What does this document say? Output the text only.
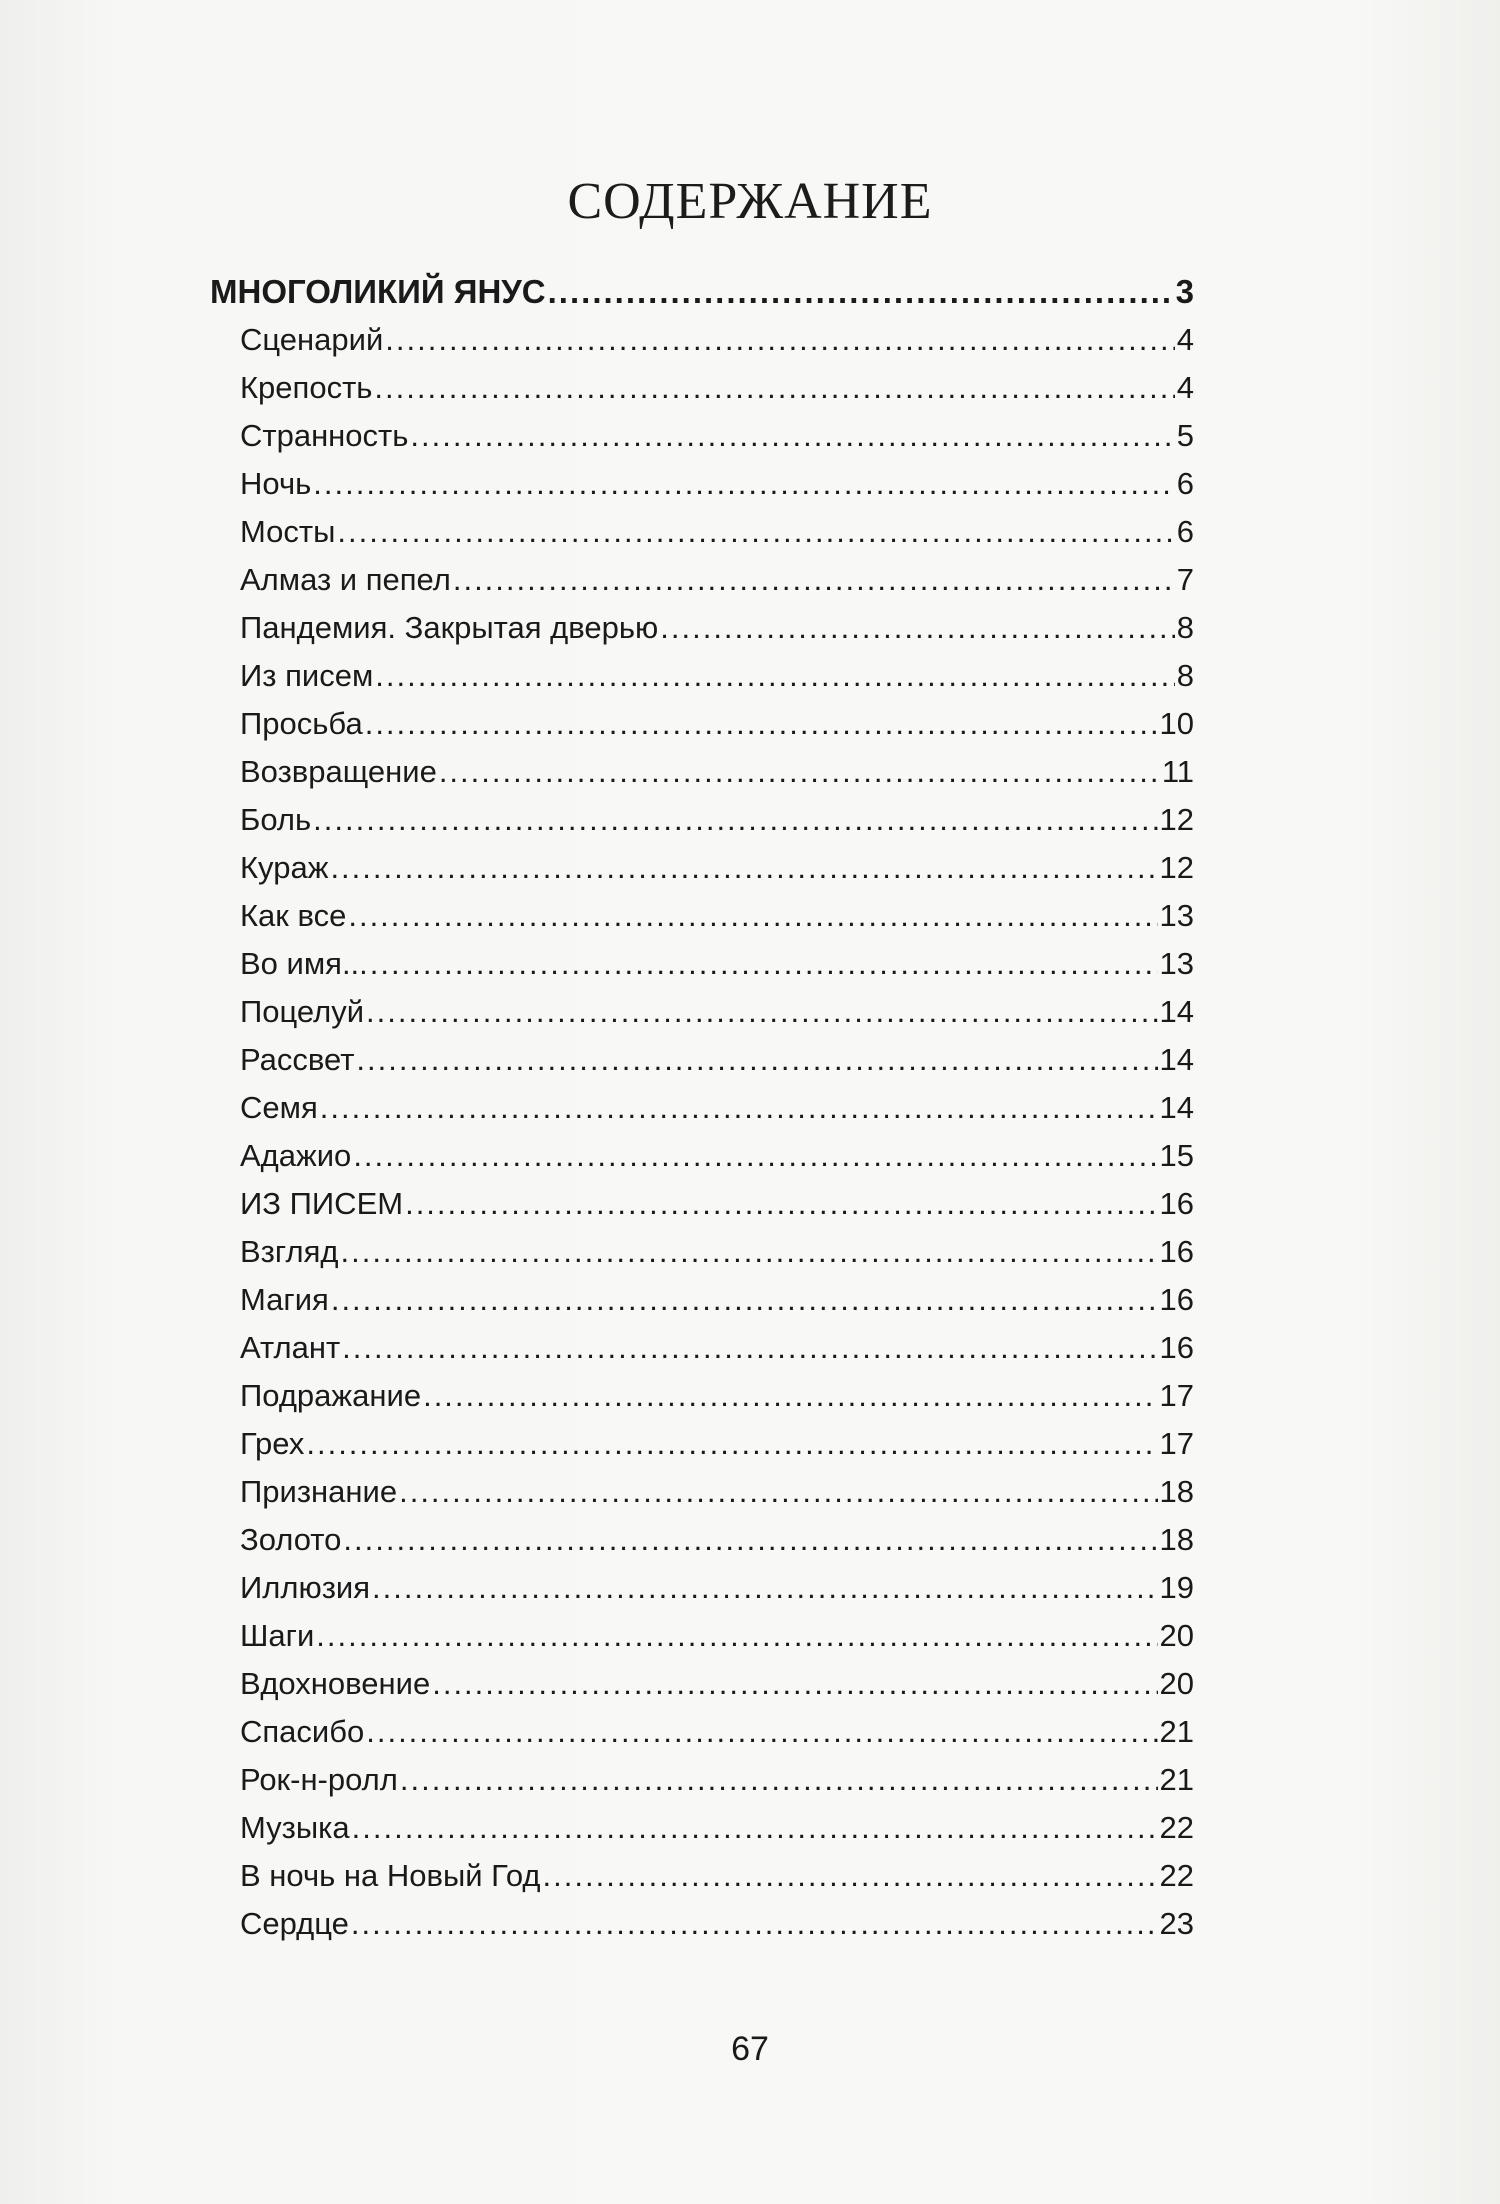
СОДЕРЖАНИЕ
МНОГОЛИКИЙ ЯНУС .....	3
Сценарий .....	4
Крепость .....	4
Странность .....	5
Ночь .....	6
Мосты .....	6
Алмаз и пепел .....	7
Пандемия. Закрытая дверью .....	8
Из писем .....	8
Просьба .....	10
Возвращение .....	11
Боль .....	12
Кураж .....	12
Как все .....	13
Во имя... .....	13
Поцелуй .....	14
Рассвет .....	14
Семя .....	14
Адажио .....	15
ИЗ ПИСЕМ .....	16
Взгляд .....	16
Магия .....	16
Атлант .....	16
Подражание .....	17
Грех .....	17
Признание .....	18
Золото .....	18
Иллюзия .....	19
Шаги .....	20
Вдохновение .....	20
Спасибо .....	21
Рок-н-ролл .....	21
Музыка .....	22
В ночь на Новый Год .....	22
Сердце .....	23
67
